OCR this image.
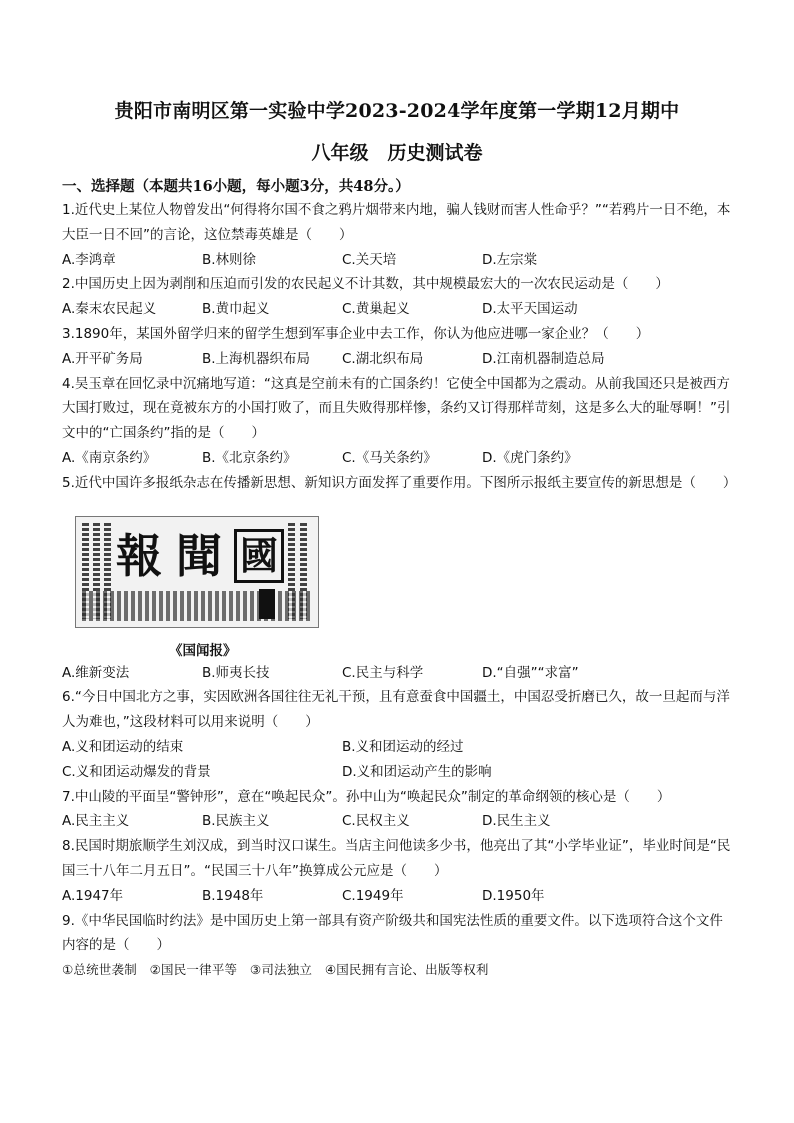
贵阳市南明区第一实验中学2023-2024学年度第一学期12月期中
八年级　历史测试卷
一、选择题（本题共16小题，每小题3分，共48分。）
1.近代史上某位人物曾发出“何得将尔国不食之鸦片烟带来内地，骗人钱财而害人性命乎？”“若鸦片一日不绝，本大臣一日不回”的言论，这位禁毒英雄是（　　）
A.李鸿章	B.林则徐	C.关天培	D.左宗棠
2.中国历史上因为剥削和压迫而引发的农民起义不计其数，其中规模最宏大的一次农民运动是（　　）
A.秦末农民起义	B.黄巾起义	C.黄巢起义	D.太平天国运动
3.1890年，某国外留学归来的留学生想到军事企业中去工作，你认为他应进哪一家企业？（　　）
A.开平矿务局	B.上海机器织布局	C.湖北织布局	D.江南机器制造总局
4.吴玉章在回忆录中沉痛地写道：“这真是空前未有的亡国条约！它使全中国都为之震动。从前我国还只是被西方大国打败过，现在竟被东方的小国打败了，而且失败得那样惨，条约又订得那样苛刻，这是多么大的耻辱啊！”引文中的“亡国条约”指的是（　　）
A.《南京条约》	B.《北京条约》	C.《马关条约》	D.《虎门条约》
5.近代中国许多报纸杂志在传播新思想、新知识方面发挥了重要作用。下图所示报纸主要宣传的新思想是（　　）
報 聞 國
《国闻报》
A.维新变法	B.师夷长技	C.民主与科学	D.“自强”“求富”
6.“今日中国北方之事，实因欧洲各国往往无礼干预，且有意蚕食中国疆土，中国忍受折磨已久，故一旦起而与洋人为难也，”这段材料可以用来说明（　　）
A.义和团运动的结束	B.义和团运动的经过
C.义和团运动爆发的背景	D.义和团运动产生的影响
7.中山陵的平面呈“警钟形”，意在“唤起民众”。孙中山为“唤起民众”制定的革命纲领的核心是（　　）
A.民主主义	B.民族主义	C.民权主义	D.民生主义
8.民国时期旅顺学生刘汉成，到当时汉口谋生。当店主问他读多少书，他亮出了其“小学毕业证”，毕业时间是“民国三十八年二月五日”。“民国三十八年”换算成公元应是（　　）
A.1947年	B.1948年	C.1949年	D.1950年
9.《中华民国临时约法》是中国历史上第一部具有资产阶级共和国宪法性质的重要文件。以下选项符合这个文件内容的是（　　）
①总统世袭制　②国民一律平等　③司法独立　④国民拥有言论、出版等权利
